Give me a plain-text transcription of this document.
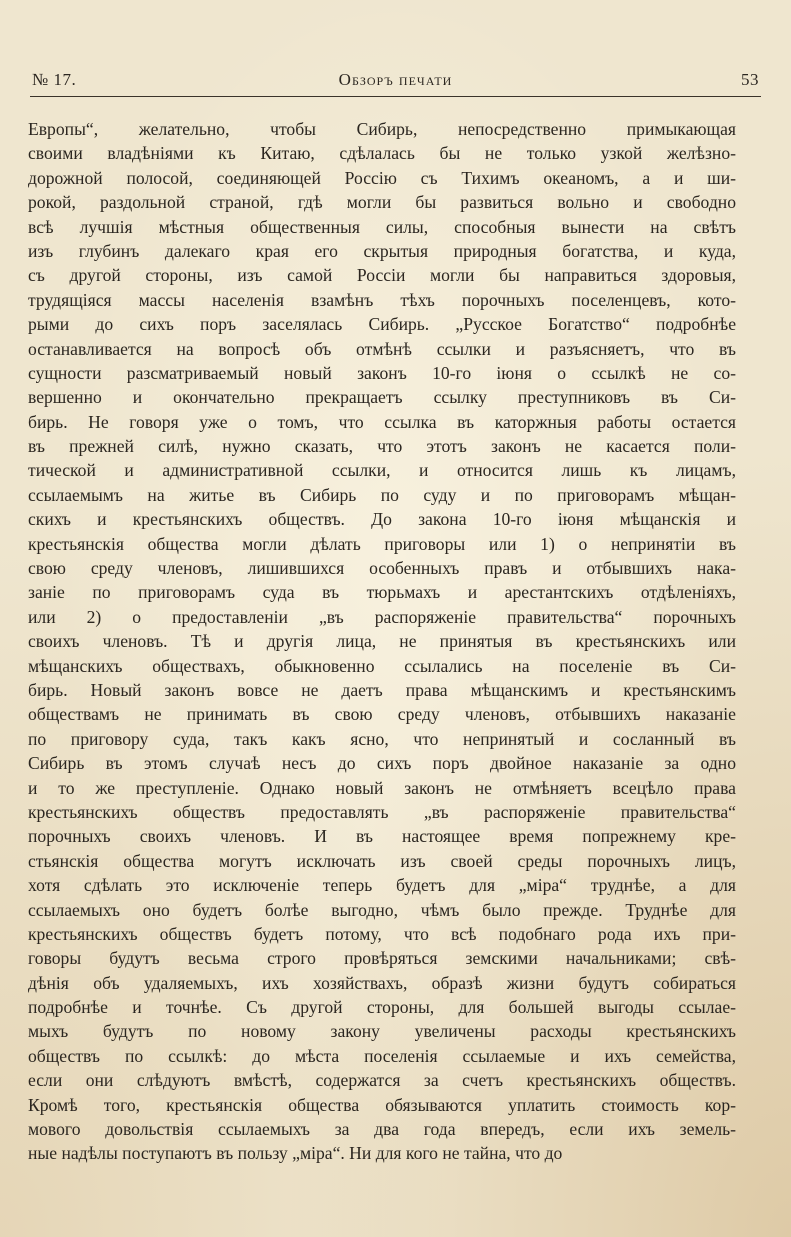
№ 17.	Обзоръ печати	53
Европы“, желательно, чтобы Сибирь, непосредственно примыкающая
своими владѣніями къ Китаю, сдѣлалась бы не только узкой желѣзно-
дорожной полосой, соединяющей Россію съ Тихимъ океаномъ, а и ши-
рокой, раздольной страной, гдѣ могли бы развиться вольно и свободно
всѣ лучшія мѣстныя общественныя силы, способныя вынести на свѣтъ
изъ глубинъ далекаго края его скрытыя природныя богатства, и куда,
съ другой стороны, изъ самой Россіи могли бы направиться здоровыя,
трудящіяся массы населенія взамѣнъ тѣхъ порочныхъ поселенцевъ, кото-
рыми до сихъ поръ заселялась Сибирь. „Русское Богатство“ подробнѣе
останавливается на вопросѣ объ отмѣнѣ ссылки и разъясняетъ, что въ
сущности разсматриваемый новый законъ 10-го іюня о ссылкѣ не со-
вершенно и окончательно прекращаетъ ссылку преступниковъ въ Си-
бирь. Не говоря уже о томъ, что ссылка въ каторжныя работы остается
въ прежней силѣ, нужно сказать, что этотъ законъ не касается поли-
тической и административной ссылки, и относится лишь къ лицамъ,
ссылаемымъ на житье въ Сибирь по суду и по приговорамъ мѣщан-
скихъ и крестьянскихъ обществъ. До закона 10-го іюня мѣщанскія и
крестьянскія общества могли дѣлать приговоры или 1) о непринятіи въ
свою среду членовъ, лишившихся особенныхъ правъ и отбывшихъ нака-
заніе по приговорамъ суда въ тюрьмахъ и арестантскихъ отдѣленіяхъ,
или 2) о предоставленіи „въ распоряженіе правительства“ порочныхъ
своихъ членовъ. Тѣ и другія лица, не принятыя въ крестьянскихъ или
мѣщанскихъ обществахъ, обыкновенно ссылались на поселеніе въ Си-
бирь. Новый законъ вовсе не даетъ права мѣщанскимъ и крестьянскимъ
обществамъ не принимать въ свою среду членовъ, отбывшихъ наказаніе
по приговору суда, такъ какъ ясно, что непринятый и сосланный въ
Сибирь въ этомъ случаѣ несъ до сихъ поръ двойное наказаніе за одно
и то же преступленіе. Однако новый законъ не отмѣняетъ всецѣло права
крестьянскихъ обществъ предоставлять „въ распоряженіе правительства“
порочныхъ своихъ членовъ. И въ настоящее время попрежнему кре-
стьянскія общества могутъ исключать изъ своей среды порочныхъ лицъ,
хотя сдѣлать это исключеніе теперь будетъ для „міра“ труднѣе, а для
ссылаемыхъ оно будетъ болѣе выгодно, чѣмъ было прежде. Труднѣе для
крестьянскихъ обществъ будетъ потому, что всѣ подобнаго рода ихъ при-
говоры будутъ весьма строго провѣряться земскими начальниками; свѣ-
дѣнія объ удаляемыхъ, ихъ хозяйствахъ, образѣ жизни будутъ собираться
подробнѣе и точнѣе. Съ другой стороны, для большей выгоды ссылае-
мыхъ будутъ по новому закону увеличены расходы крестьянскихъ
обществъ по ссылкѣ: до мѣста поселенія ссылаемые и ихъ семейства,
если они слѣдуютъ вмѣстѣ, содержатся за счетъ крестьянскихъ обществъ.
Кромѣ того, крестьянскія общества обязываются уплатить стоимость кор-
мового довольствія ссылаемыхъ за два года впередъ, если ихъ земель-
ные надѣлы поступаютъ въ пользу „міра“. Ни для кого не тайна, что до
